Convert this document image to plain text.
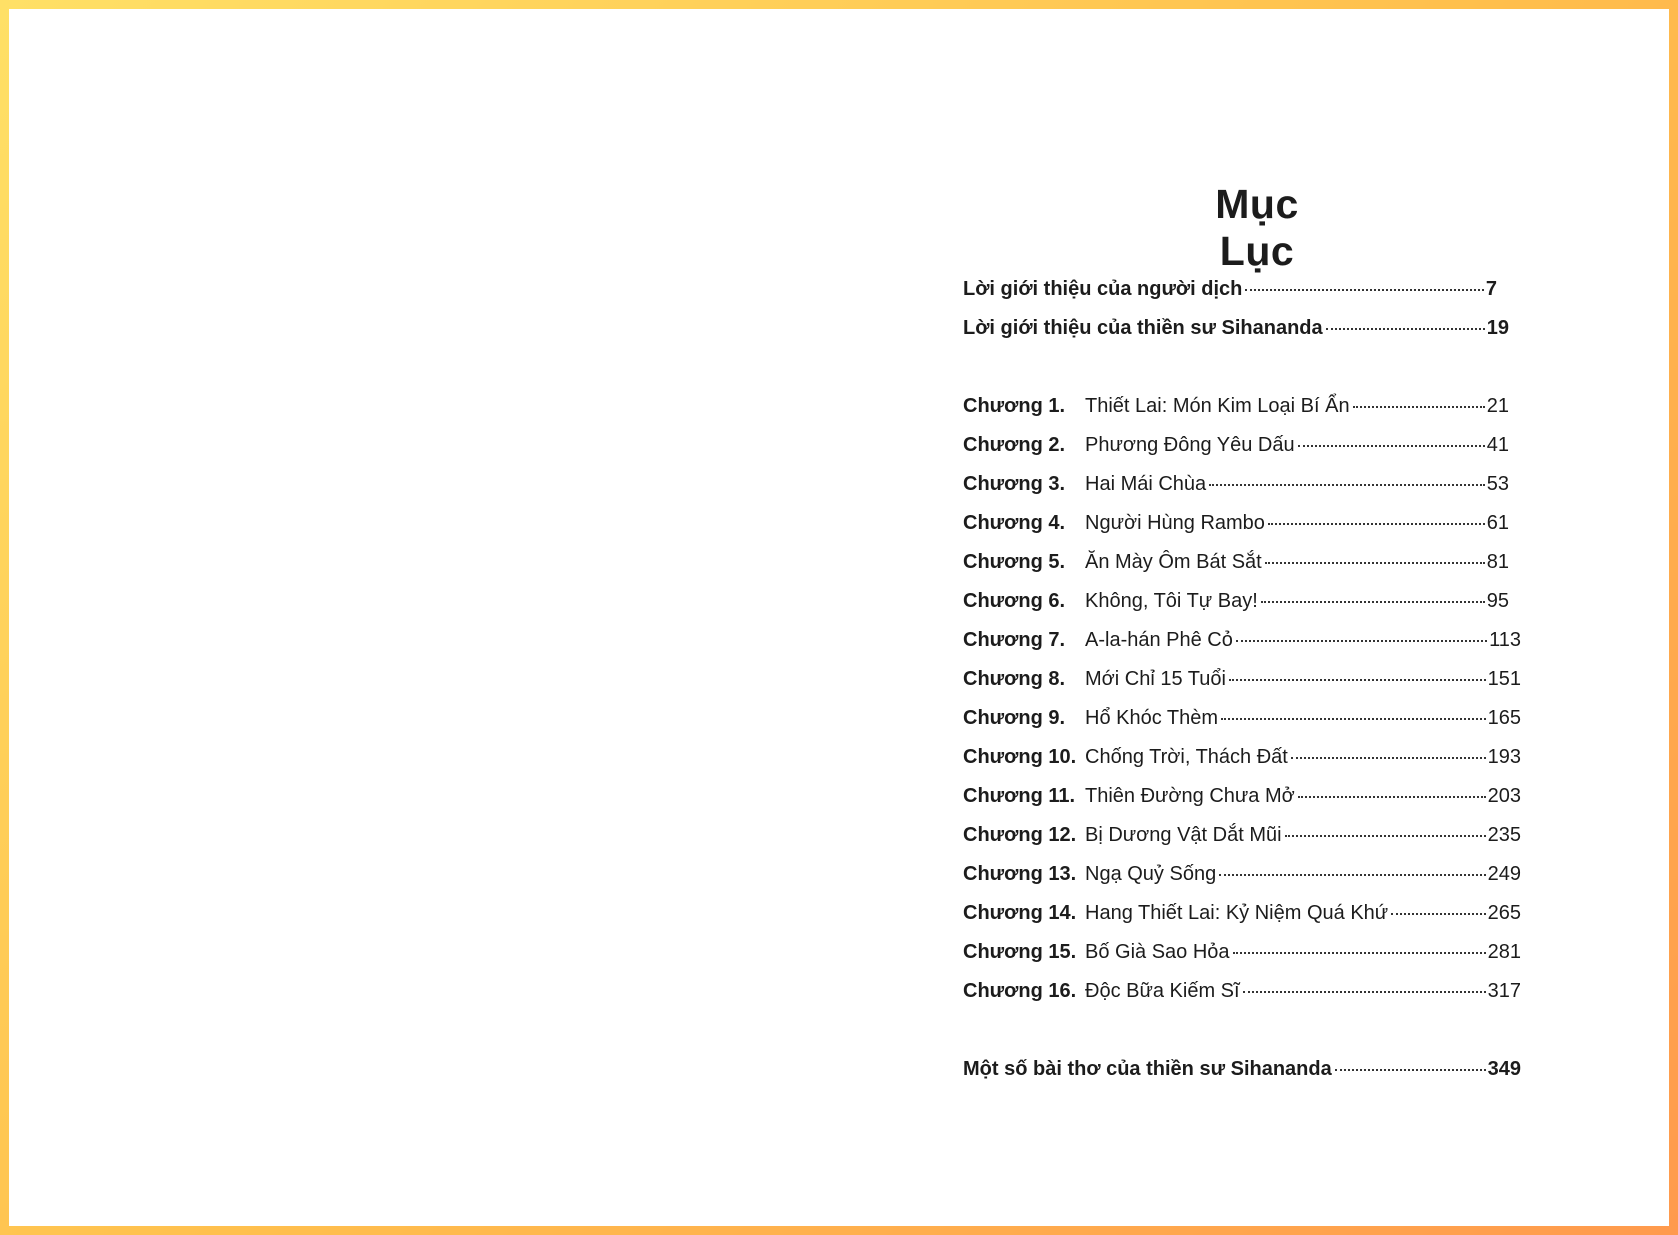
Mục Lục
Lời giới thiệu của người dịch	7
Lời giới thiệu của thiền sư Sihananda	19
Chương 1. Thiết Lai: Món Kim Loại Bí Ẩn	21
Chương 2. Phương Đông Yêu Dấu	41
Chương 3. Hai Mái Chùa	53
Chương 4. Người Hùng Rambo	61
Chương 5. Ăn Mày Ôm Bát Sắt	81
Chương 6. Không, Tôi Tự Bay!	95
Chương 7. A-la-hán Phê Cỏ	113
Chương 8. Mới Chỉ 15 Tuổi	151
Chương 9. Hổ Khóc Thèm	165
Chương 10. Chống Trời, Thách Đất	193
Chương 11. Thiên Đường Chưa Mở	203
Chương 12. Bị Dương Vật Dắt Mũi	235
Chương 13. Ngạ Quỷ Sống	249
Chương 14. Hang Thiết Lai: Kỷ Niệm Quá Khứ	265
Chương 15. Bố Già Sao Hỏa	281
Chương 16. Độc Bữa Kiếm Sĩ	317
Một số bài thơ của thiền sư Sihananda	349
